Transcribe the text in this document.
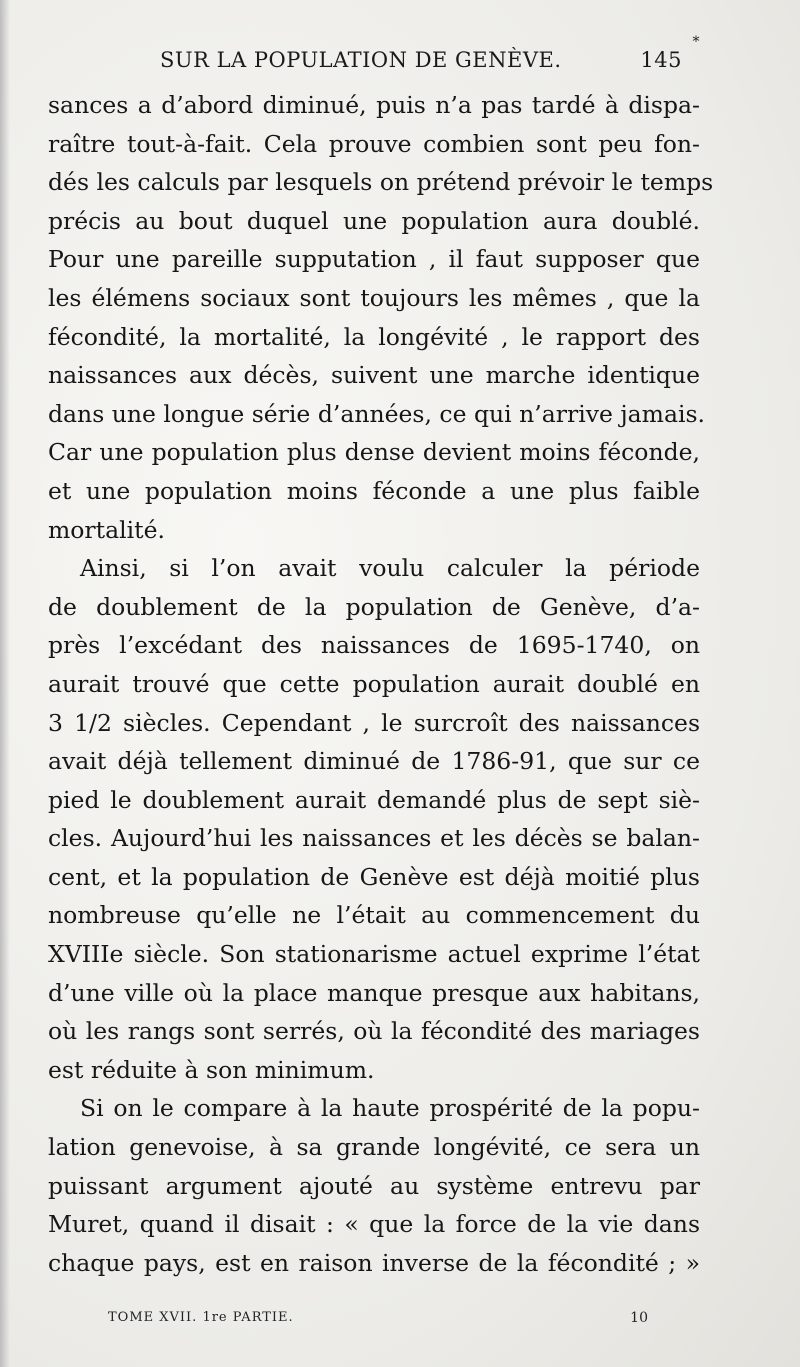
SUR LA POPULATION DE GENÈVE.	145
*
sances a d’abord diminué, puis n’a pas tardé à dispa-
raître tout-à-fait. Cela prouve combien sont peu fon-
dés les calculs par lesquels on prétend prévoir le temps
précis au bout duquel une population aura doublé.
Pour une pareille supputation , il faut supposer que
les élémens sociaux sont toujours les mêmes , que la
fécondité, la mortalité, la longévité , le rapport des
naissances aux décès, suivent une marche identique
dans une longue série d’années, ce qui n’arrive jamais.
Car une population plus dense devient moins féconde,
et une population moins féconde a une plus faible
mortalité.
Ainsi, si l’on avait voulu calculer la période
de doublement de la population de Genève, d’a-
près l’excédant des naissances de 1695-1740, on
aurait trouvé que cette population aurait doublé en
3 1/2 siècles. Cependant , le surcroît des naissances
avait déjà tellement diminué de 1786-91, que sur ce
pied le doublement aurait demandé plus de sept siè-
cles. Aujourd’hui les naissances et les décès se balan-
cent, et la population de Genève est déjà moitié plus
nombreuse qu’elle ne l’était au commencement du
XVIIIe siècle. Son stationarisme actuel exprime l’état
d’une ville où la place manque presque aux habitans,
où les rangs sont serrés, où la fécondité des mariages
est réduite à son minimum.
Si on le compare à la haute prospérité de la popu-
lation genevoise, à sa grande longévité, ce sera un
puissant argument ajouté au système entrevu par
Muret, quand il disait : « que la force de la vie dans
chaque pays, est en raison inverse de la fécondité ; »
TOME XVII. 1re PARTIE.	10
